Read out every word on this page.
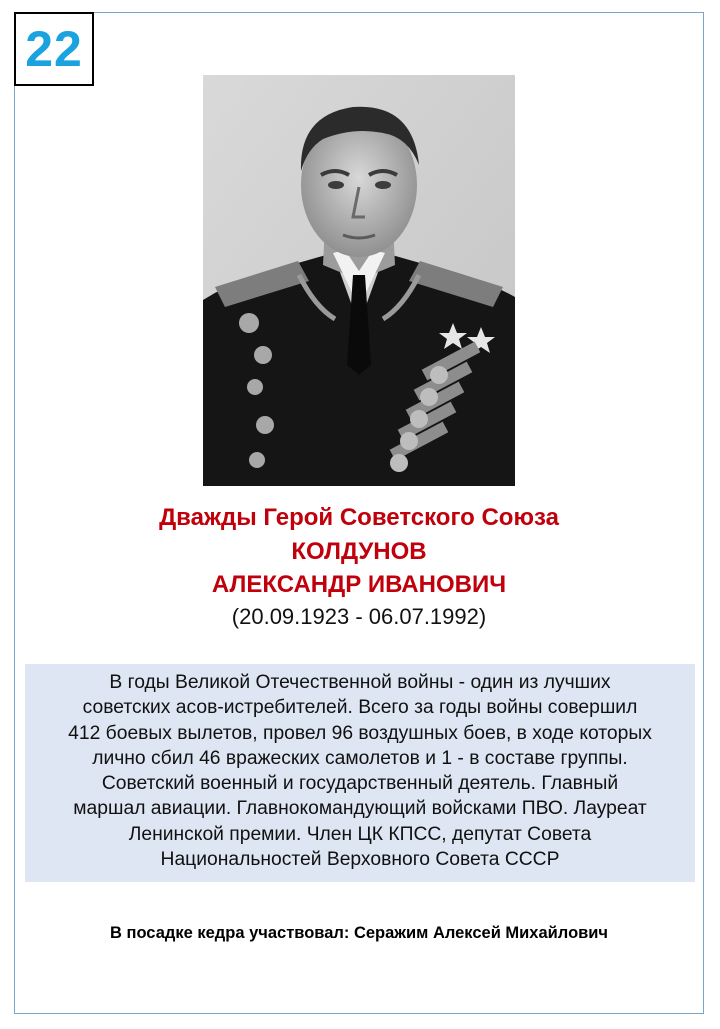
22
Дважды Герой Советского Союза
КОЛДУНОВ
АЛЕКСАНДР ИВАНОВИЧ
(20.09.1923 - 06.07.1992)
В годы Великой Отечественной войны - один из лучших
советских асов-истребителей. Всего за годы войны совершил
412 боевых вылетов, провел 96 воздушных боев, в ходе которых
лично сбил 46 вражеских самолетов и 1 - в составе группы.
Советский военный и государственный деятель. Главный
маршал авиации. Главнокомандующий войсками ПВО. Лауреат
Ленинской премии. Член ЦК КПСС, депутат Совета
Национальностей Верховного Совета СССР
В посадке кедра участвовал: Серажим Алексей Михайлович
